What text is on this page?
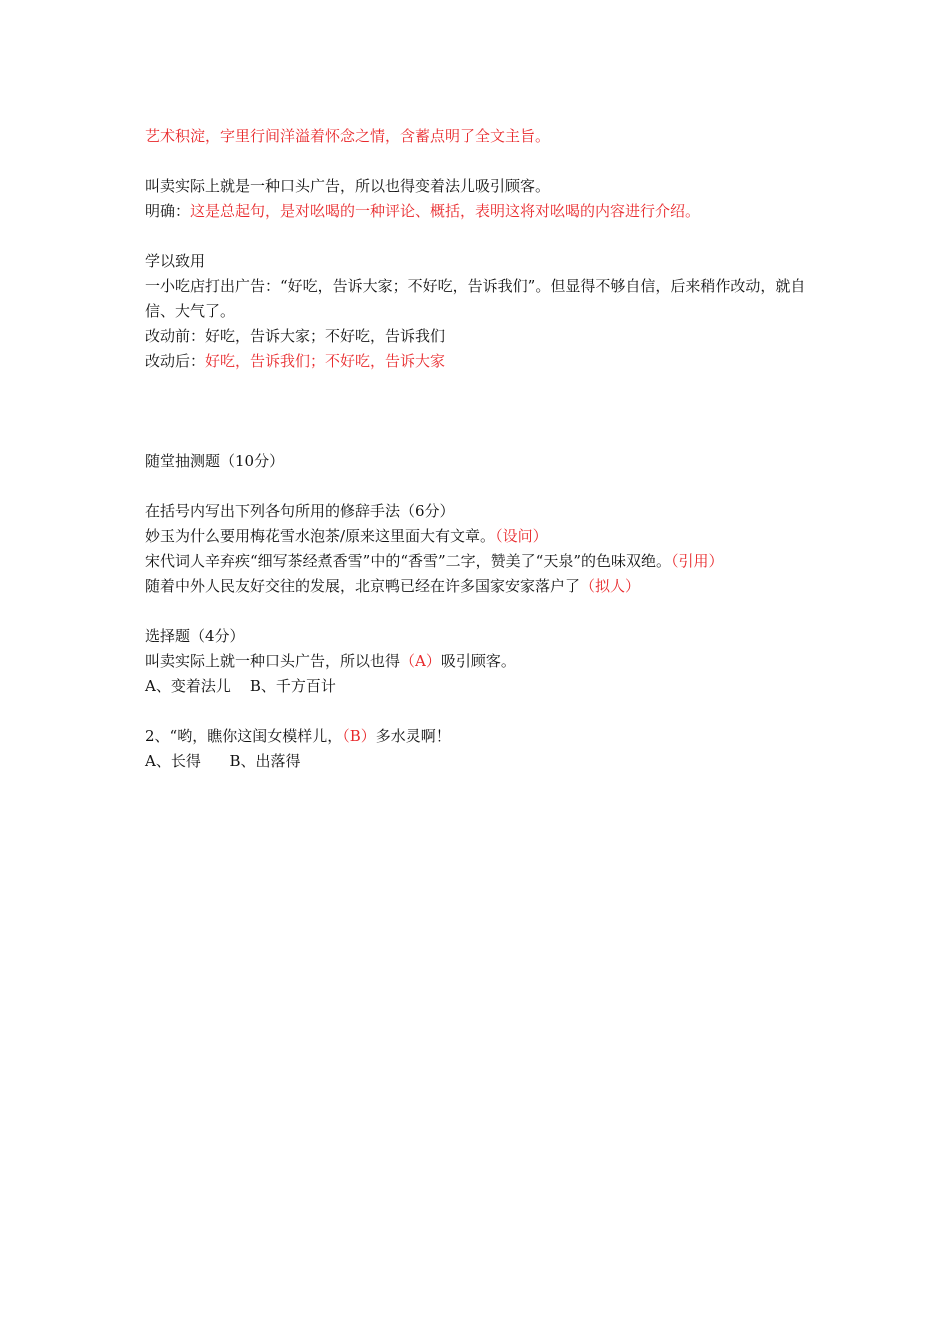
艺术积淀，字里行间洋溢着怀念之情，含蓄点明了全文主旨。
叫卖实际上就是一种口头广告，所以也得变着法儿吸引顾客。
明确：这是总起句，是对吆喝的一种评论、概括，表明这将对吆喝的内容进行介绍。
学以致用
一小吃店打出广告：“好吃，告诉大家；不好吃，告诉我们”。但显得不够自信，后来稍作改动，就自信、大气了。
改动前：好吃，告诉大家；不好吃，告诉我们
改动后：好吃，告诉我们；不好吃，告诉大家
随堂抽测题（10分）
在括号内写出下列各句所用的修辞手法（6分）
妙玉为什么要用梅花雪水泡茶/原来这里面大有文章。（设问）
宋代词人辛弃疾“细写茶经煮香雪”中的“香雪”二字，赞美了“天泉”的色味双绝。（引用）
随着中外人民友好交往的发展，北京鸭已经在许多国家安家落户了（拟人）
选择题（4分）
叫卖实际上就一种口头广告，所以也得（A）吸引顾客。
A、变着法儿    B、千方百计
2、“哟，瞧你这闺女模样儿，（B）多水灵啊！
A、长得      B、出落得
